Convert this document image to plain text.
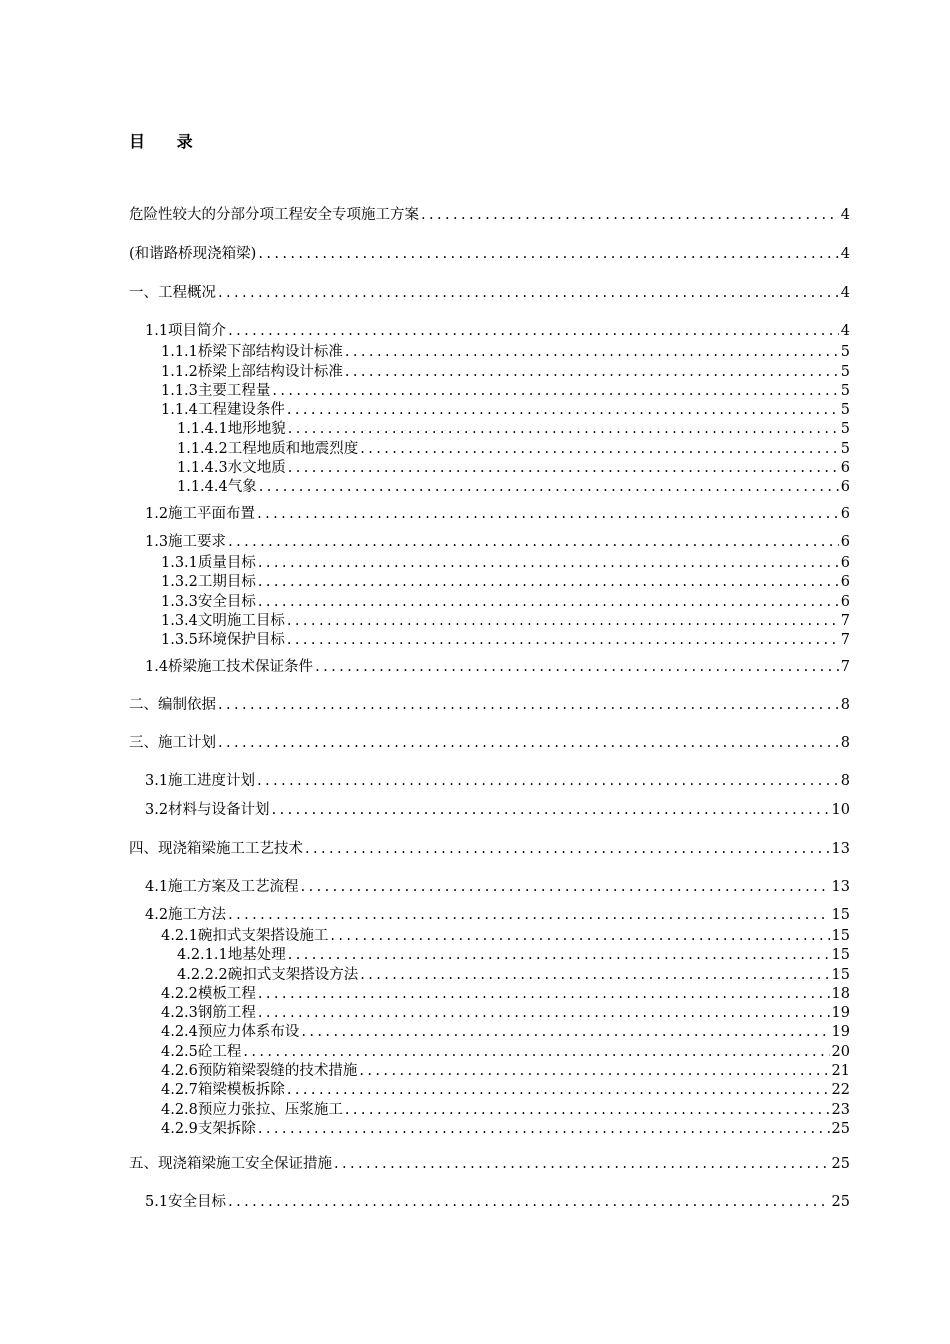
目 录
危险性较大的分部分项工程安全专项施工方案 .....	4
(和谐路桥现浇箱梁) .....	4
一、工程概况 .....	4
1.1项目简介 .....	4
1.1.1桥梁下部结构设计标准 .....	5
1.1.2桥梁上部结构设计标准 .....	5
1.1.3主要工程量 .....	5
1.1.4工程建设条件 .....	5
1.1.4.1地形地貌 .....	5
1.1.4.2工程地质和地震烈度 .....	5
1.1.4.3水文地质 .....	6
1.1.4.4气象 .....	6
1.2施工平面布置 .....	6
1.3施工要求 .....	6
1.3.1质量目标 .....	6
1.3.2工期目标 .....	6
1.3.3安全目标 .....	6
1.3.4文明施工目标 .....	7
1.3.5环境保护目标 .....	7
1.4桥梁施工技术保证条件 .....	7
二、编制依据 .....	8
三、施工计划 .....	8
3.1施工进度计划 .....	8
3.2材料与设备计划 .....	10
四、现浇箱梁施工工艺技术 .....	13
4.1施工方案及工艺流程 .....	13
4.2施工方法 .....	15
4.2.1碗扣式支架搭设施工 .....	15
4.2.1.1地基处理 .....	15
4.2.2.2碗扣式支架搭设方法 .....	15
4.2.2模板工程 .....	18
4.2.3钢筋工程 .....	19
4.2.4预应力体系布设 .....	19
4.2.5砼工程 .....	20
4.2.6预防箱梁裂缝的技术措施 .....	21
4.2.7箱梁模板拆除 .....	22
4.2.8预应力张拉、压浆施工 .....	23
4.2.9支架拆除 .....	25
五、现浇箱梁施工安全保证措施 .....	25
5.1安全目标 .....	25
